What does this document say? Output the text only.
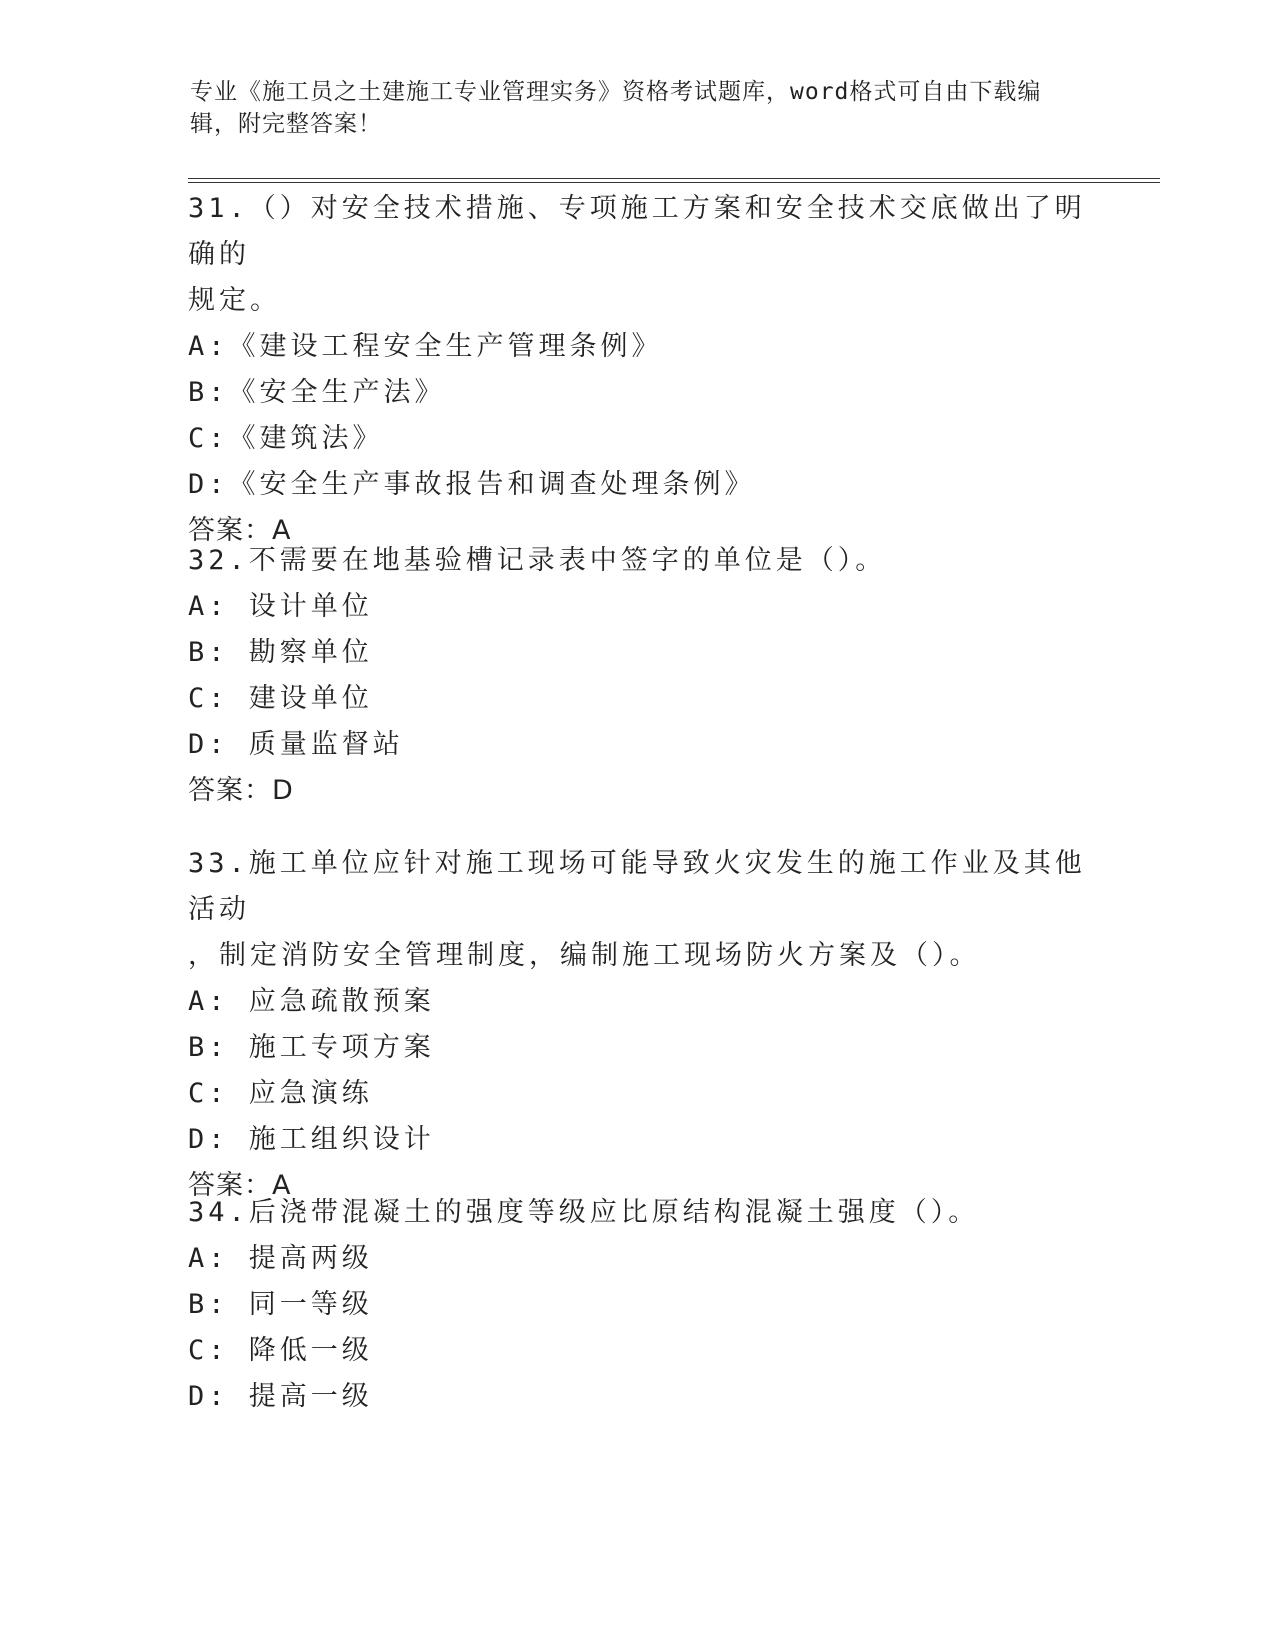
专业《施工员之土建施工专业管理实务》资格考试题库，word格式可自由下载编
辑，附完整答案！

31.（）对安全技术措施、专项施工方案和安全技术交底做出了明确的

规定。

A:《建设工程安全生产管理条例》

B:《安全生产法》

C:《建筑法》

D:《安全生产事故报告和调查处理条例》

答案：A

32.不需要在地基验槽记录表中签字的单位是（）。

A: 设计单位

B: 勘察单位

C: 建设单位

D: 质量监督站

答案：D

33.施工单位应针对施工现场可能导致火灾发生的施工作业及其他活动

，制定消防安全管理制度，编制施工现场防火方案及（）。

A: 应急疏散预案

B: 施工专项方案

C: 应急演练

D: 施工组织设计

答案：A

34.后浇带混凝土的强度等级应比原结构混凝土强度（）。

A: 提高两级

B: 同一等级

C: 降低一级

D: 提高一级
